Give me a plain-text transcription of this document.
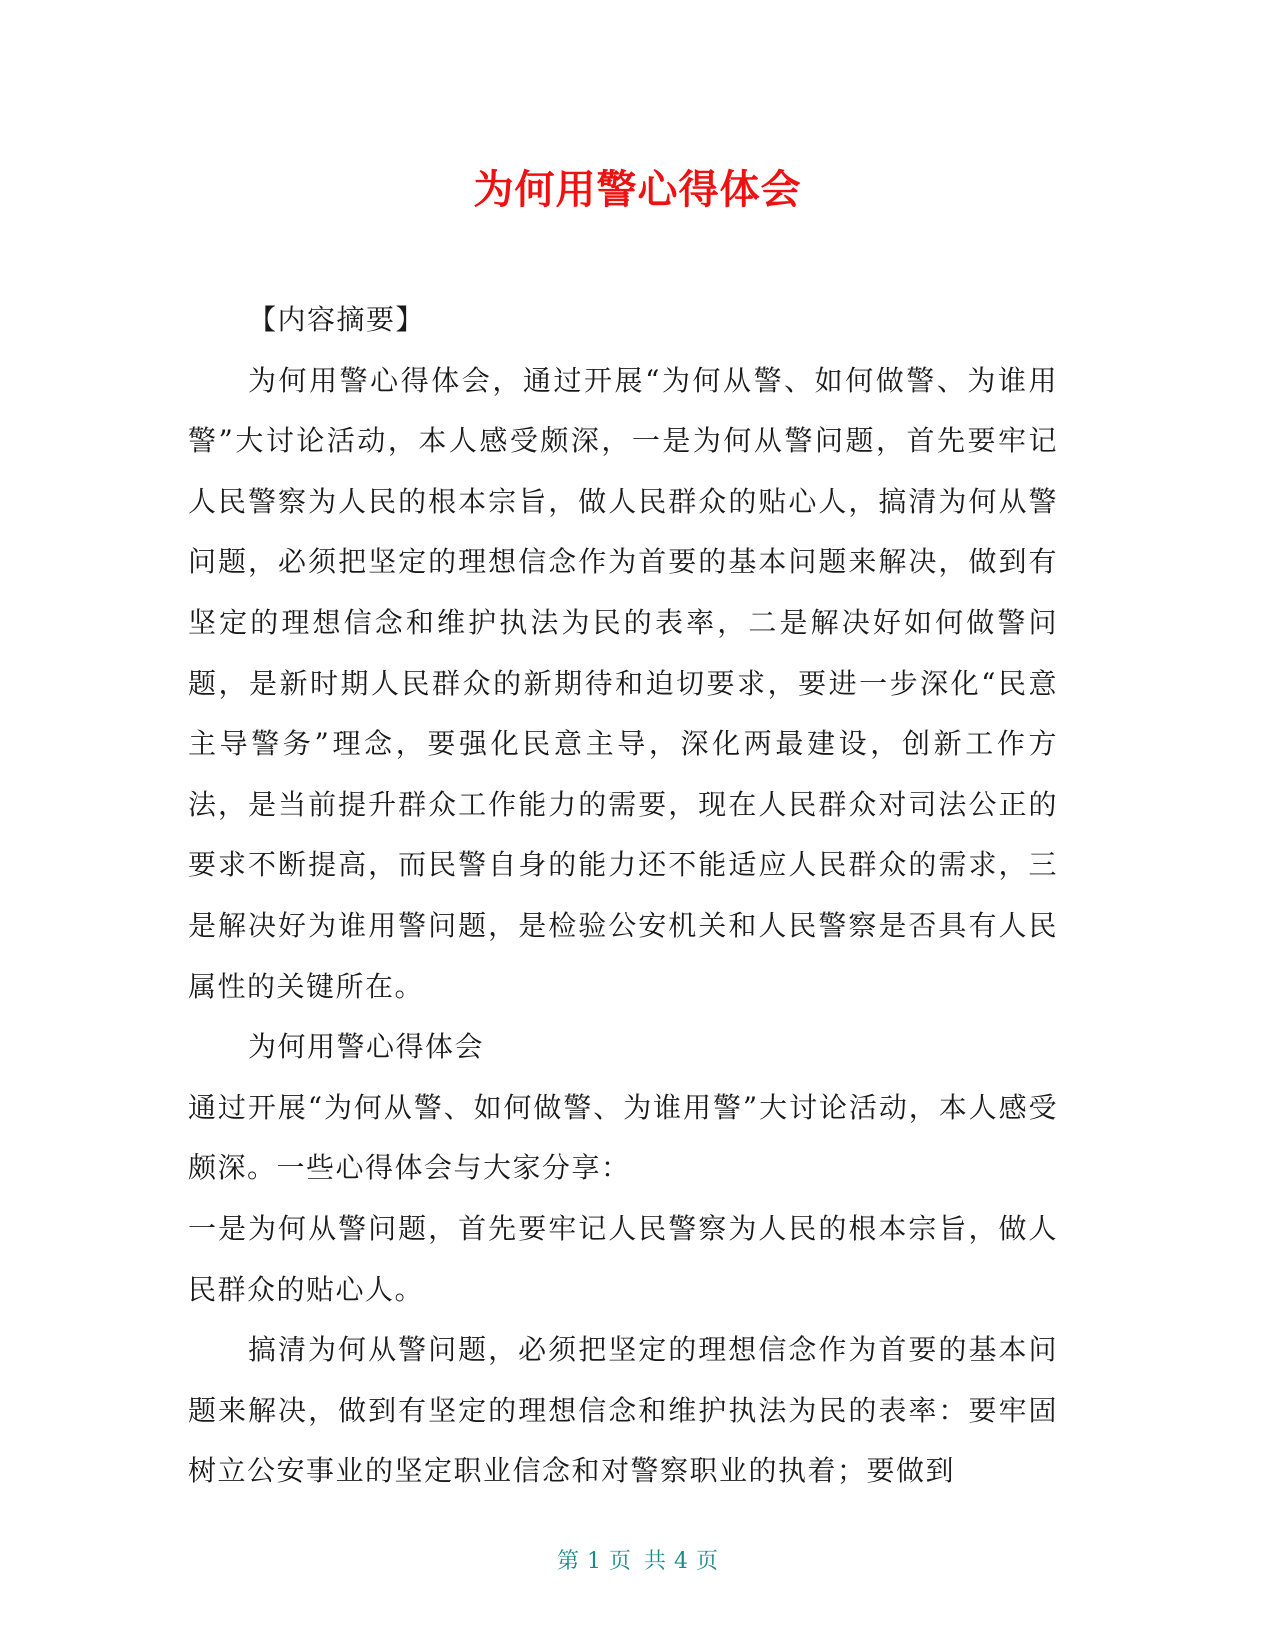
为何用警心得体会

【内容摘要】

为何用警心得体会，通过开展“为何从警、如何做警、为谁用警”大讨论活动，本人感受颇深，一是为何从警问题，首先要牢记人民警察为人民的根本宗旨，做人民群众的贴心人，搞清为何从警问题，必须把坚定的理想信念作为首要的基本问题来解决，做到有坚定的理想信念和维护执法为民的表率，二是解决好如何做警问题，是新时期人民群众的新期待和迫切要求，要进一步深化“民意主导警务”理念，要强化民意主导，深化两最建设，创新工作方法，是当前提升群众工作能力的需要，现在人民群众对司法公正的要求不断提高，而民警自身的能力还不能适应人民群众的需求，三是解决好为谁用警问题，是检验公安机关和人民警察是否具有人民属性的关键所在。

为何用警心得体会

通过开展“为何从警、如何做警、为谁用警”大讨论活动，本人感受颇深。一些心得体会与大家分享：

一是为何从警问题，首先要牢记人民警察为人民的根本宗旨，做人民群众的贴心人。

搞清为何从警问题，必须把坚定的理想信念作为首要的基本问题来解决，做到有坚定的理想信念和维护执法为民的表率：要牢固树立公安事业的坚定职业信念和对警察职业的执着；要做到

第 1 页 共 4 页
